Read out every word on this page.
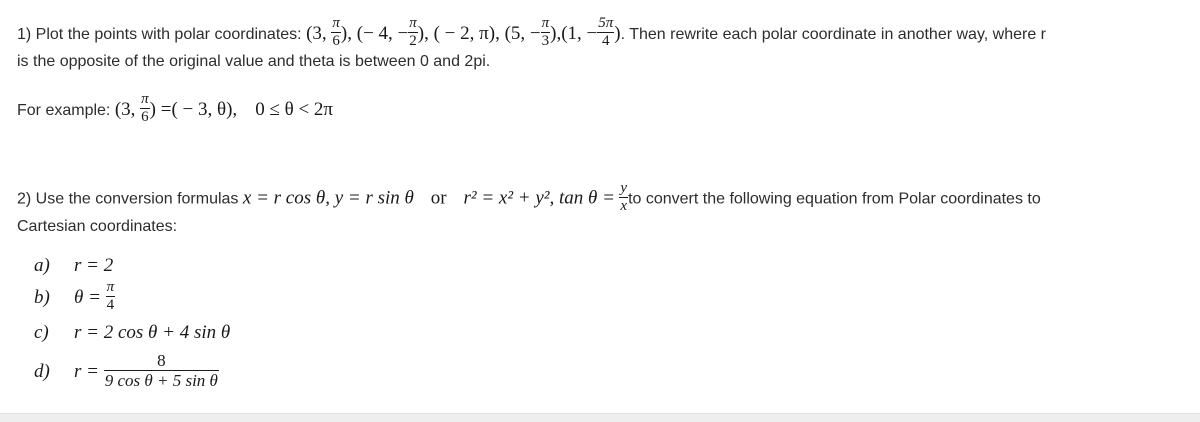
1) Plot the points with polar coordinates: (3, $\frac{\pi}{6}$ ), (− 4, − $\frac{\pi}{2}$ ), ( − 2, π), (5, − $\frac{\pi}{3} ),(1$, − $\frac{5\pi}{4}$ ). Then rewrite each polar coordinate in another way, where r
is the opposite of the original value and theta is between 0 and 2pi.
For example: (3, $\frac{\pi}{6}$ ) =( − 3, θ), 0 ≤ θ < 2π
2) Use the conversion formulas x = r cos θ, y = r sin θ or r² = x² + y², $\tan \theta = \frac{y}{x}$ to convert the following equation from Polar coordinates to
Cartesian coordinates:
a) r = 2
b) $\theta = \frac{\pi}{4}$
c) r = 2 cos θ + 4 sin θ
d) $r = \frac{8}{\text{9 cos θ + 5 sin θ}}$
